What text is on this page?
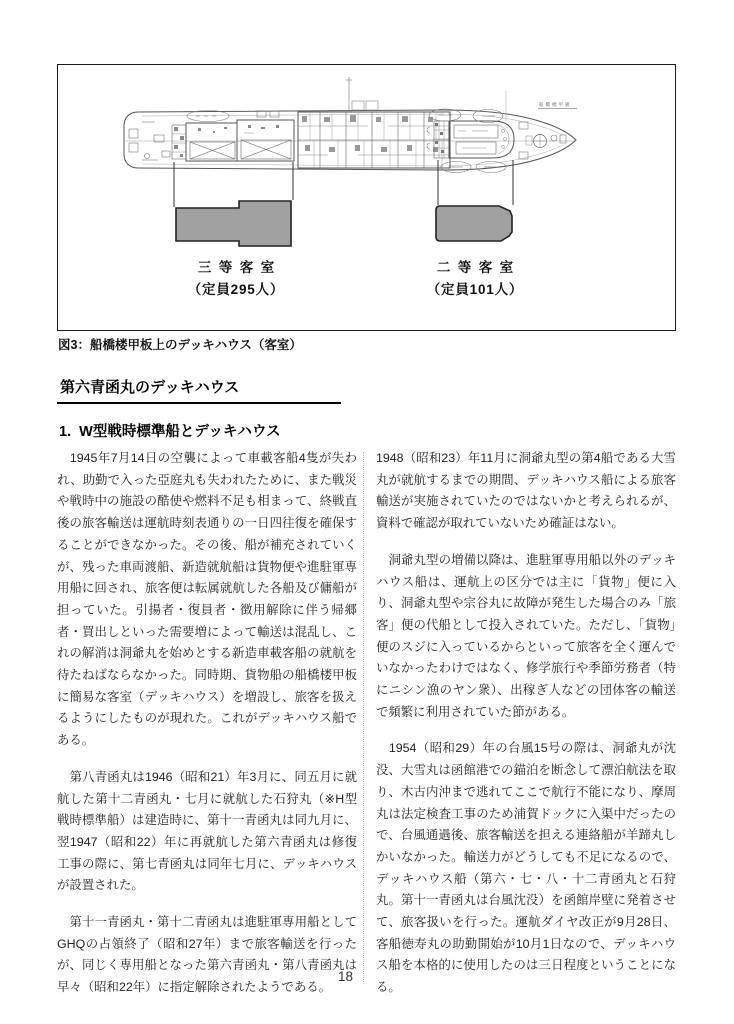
船橋楼甲板
三等客室
（定員295人）
二等客室
（定員101人）
図3：船橋楼甲板上のデッキハウス（客室）
第六青函丸のデッキハウス
1.  W型戦時標準船とデッキハウス

　1945年7月14日の空襲によって車載客船4隻が失われ、助勤で入った亞庭丸も失われたために、また戦災や戦時中の施設の酷使や燃料不足も相まって、終戦直後の旅客輸送は運航時刻表通りの一日四往復を確保することができなかった。その後、船が補充されていくが、残った車両渡船、新造就航船は貨物便や進駐軍専用船に回され、旅客便は転属就航した各船及び傭船が担っていた。引揚者・復員者・徴用解除に伴う帰郷者・買出しといった需要増によって輸送は混乱し、これの解消は洞爺丸を始めとする新造車載客船の就航を待たねばならなかった。同時期、貨物船の船橋楼甲板に簡易な客室（デッキハウス）を増設し、旅客を扱えるようにしたものが現れた。これがデッキハウス船である。

　第八青函丸は1946（昭和21）年3月に、同五月に就航した第十二青函丸・七月に就航した石狩丸（※H型戦時標準船）は建造時に、第十一青函丸は同九月に、翌1947（昭和22）年に再就航した第六青函丸は修復工事の際に、第七青函丸は同年七月に、デッキハウスが設置された。

　第十一青函丸・第十二青函丸は進駐軍専用船としてGHQの占領終了（昭和27年）まで旅客輸送を行ったが、同じく専用船となった第六青函丸・第八青函丸は早々（昭和22年）に指定解除されたようである。

1948（昭和23）年11月に洞爺丸型の第4船である大雪丸が就航するまでの期間、デッキハウス船による旅客輸送が実施されていたのではないかと考えられるが、資料で確認が取れていないため確証はない。

　洞爺丸型の増備以降は、進駐軍専用船以外のデッキハウス船は、運航上の区分では主に「貨物」便に入り、洞爺丸型や宗谷丸に故障が発生した場合のみ「旅客」便の代船として投入されていた。ただし、「貨物」便のスジに入っているからといって旅客を全く運んでいなかったわけではなく、修学旅行や季節労務者（特にニシン漁のヤン衆）、出稼ぎ人などの団体客の輸送で頻繁に利用されていた節がある。

　1954（昭和29）年の台風15号の際は、洞爺丸が沈没、大雪丸は函館港での錨泊を断念して漂泊航法を取り、木古内沖まで逃れてここで航行不能になり、摩周丸は法定検査工事のため浦賀ドックに入渠中だったので、台風通過後、旅客輸送を担える連絡船が羊蹄丸しかいなかった。輸送力がどうしても不足になるので、デッキハウス船（第六・七・八・十二青函丸と石狩丸。第十一青函丸は台風沈没）を函館岸壁に発着させて、旅客扱いを行った。運航ダイヤ改正が9月28日、客船徳寿丸の助勤開始が10月1日なので、デッキハウス船を本格的に使用したのは三日程度ということになる。

18
